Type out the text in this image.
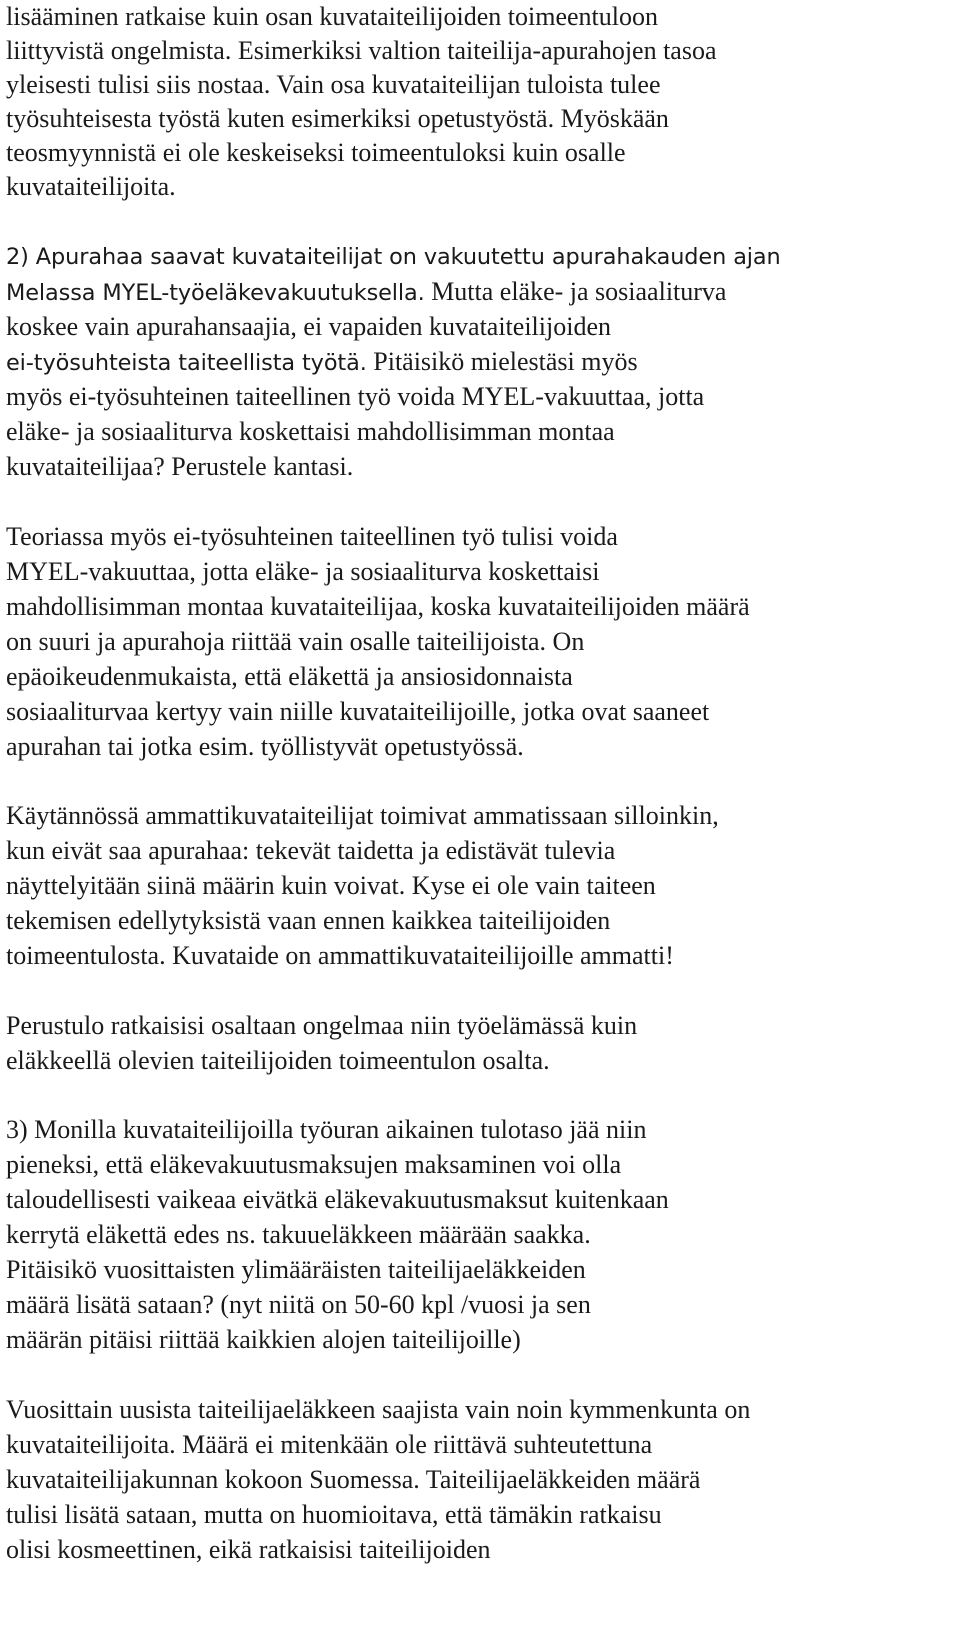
lisääminen ratkaise kuin osan kuvataiteilijoiden toimeentuloon
liittyvistä ongelmista. Esimerkiksi valtion taiteilija-apurahojen tasoa
yleisesti tulisi siis nostaa. Vain osa kuvataiteilijan tuloista tulee
työsuhteisesta työstä kuten esimerkiksi opetustyöstä. Myöskään
teosmyynnistä ei ole keskeiseksi toimeentuloksi kuin osalle
kuvataiteilijoita.
2) Apurahaa saavat kuvataiteilijat on vakuutettu apurahakauden ajan
Melassa MYEL-työeläkevakuutuksella. Mutta eläke- ja sosiaaliturva
koskee vain apurahansaajia, ei vapaiden kuvataiteilijoiden
ei-työsuhteista taiteellista työtä. Pitäisikö mielestäsi myös
myös ei-työsuhteinen taiteellinen työ voida MYEL-vakuuttaa, jotta
eläke- ja sosiaaliturva koskettaisi mahdollisimman montaa
kuvataiteilijaa? Perustele kantasi.
Teoriassa myös ei-työsuhteinen taiteellinen työ tulisi voida
MYEL-vakuuttaa, jotta eläke- ja sosiaaliturva koskettaisi
mahdollisimman montaa kuvataiteilijaa, koska kuvataiteilijoiden määrä
on suuri ja apurahoja riittää vain osalle taiteilijoista. On
epäoikeudenmukaista, että eläkettä ja ansiosidonnaista
sosiaaliturvaa kertyy vain niille kuvataiteilijoille, jotka ovat saaneet
apurahan tai jotka esim. työllistyvät opetustyössä.
Käytännössä ammattikuvataiteilijat toimivat ammatissaan silloinkin,
kun eivät saa apurahaa: tekevät taidetta ja edistävät tulevia
näyttelyitään siinä määrin kuin voivat. Kyse ei ole vain taiteen
tekemisen edellytyksistä vaan ennen kaikkea taiteilijoiden
toimeentulosta. Kuvataide on ammattikuvataiteilijoille ammatti!
Perustulo ratkaisisi osaltaan ongelmaa niin työelämässä kuin
eläkkeellä olevien taiteilijoiden toimeentulon osalta.
3) Monilla kuvataiteilijoilla työuran aikainen tulotaso jää niin
pieneksi, että eläkevakuutusmaksujen maksaminen voi olla
taloudellisesti vaikeaa eivätkä eläkevakuutusmaksut kuitenkaan
kerrytä eläkettä edes ns. takuueläkkeen määrään saakka.
Pitäisikö vuosittaisten ylimääräisten taiteilijaeläkkeiden
määrä lisätä sataan? (nyt niitä on 50-60 kpl /vuosi ja sen
määrän pitäisi riittää kaikkien alojen taiteilijoille)
Vuosittain uusista taiteilijaeläkkeen saajista vain noin kymmenkunta on
kuvataiteilijoita. Määrä ei mitenkään ole riittävä suhteutettuna
kuvataiteilijakunnan kokoon Suomessa. Taiteilijaeläkkeiden määrä
tulisi lisätä sataan, mutta on huomioitava, että tämäkin ratkaisu
olisi kosmeettinen, eikä ratkaisisi taiteilijoiden
